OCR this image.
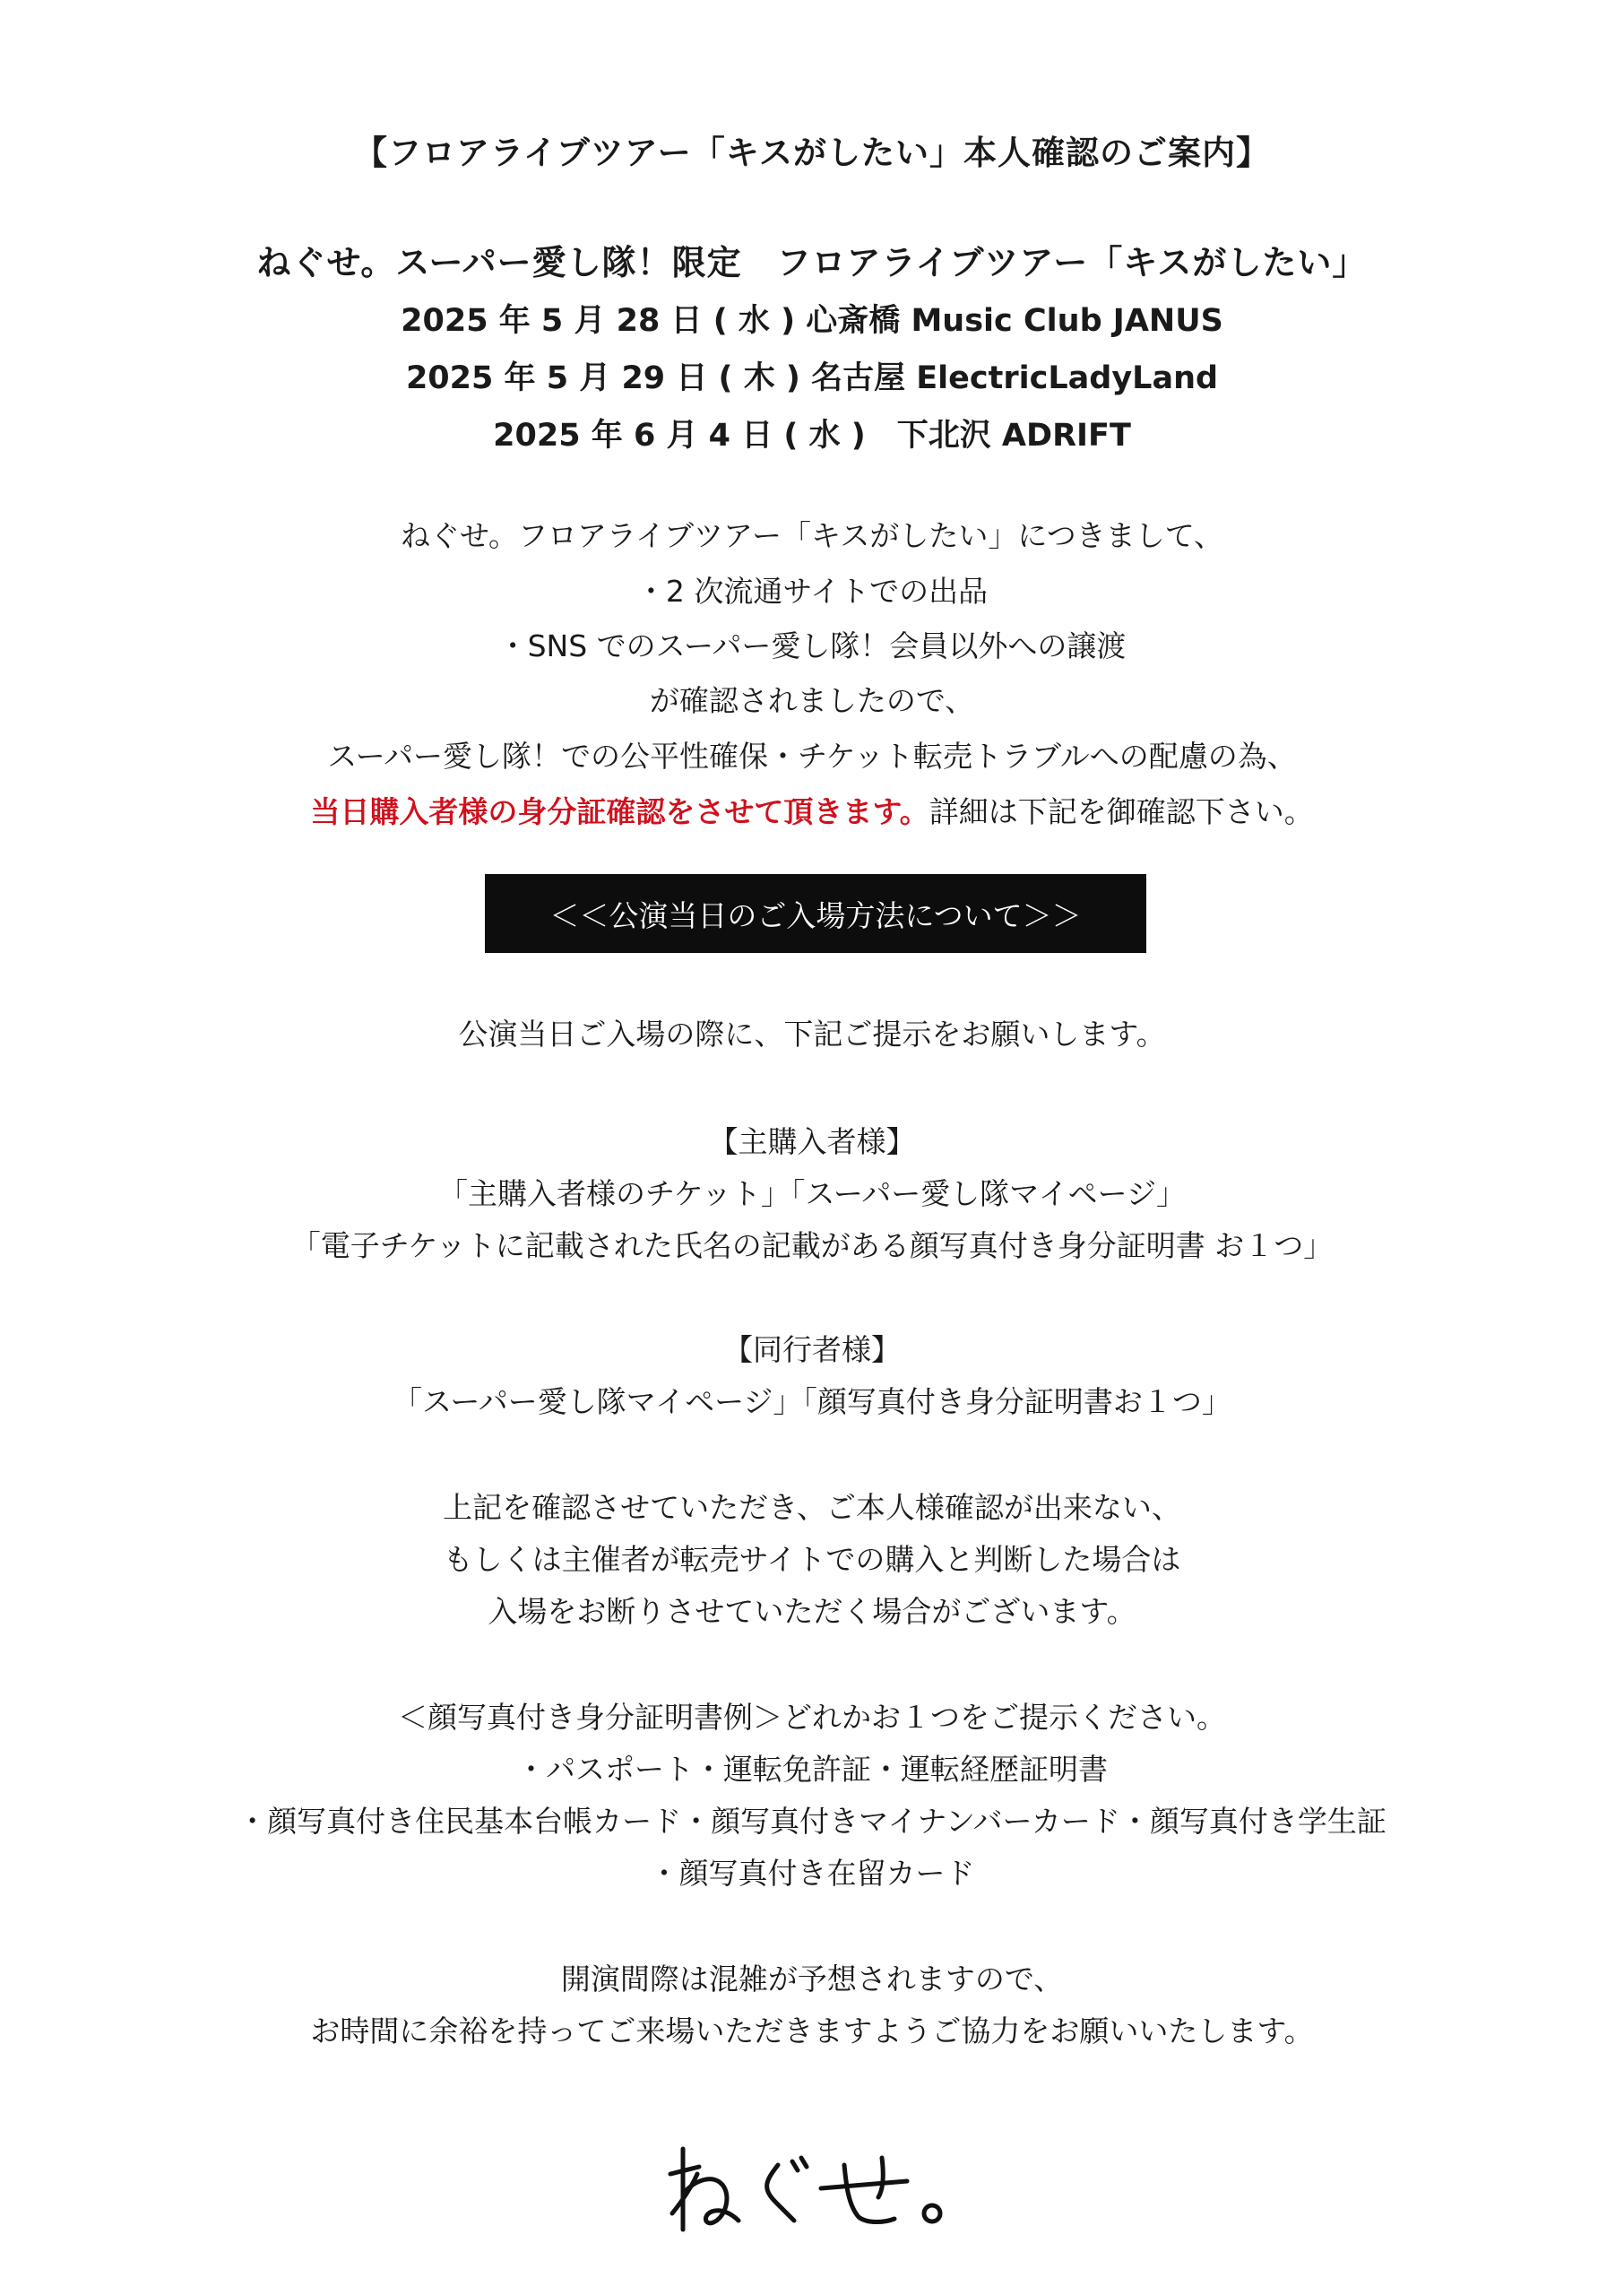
【フロアライブツアー「キスがしたい」本人確認のご案内】
ねぐせ。スーパー愛し隊！限定　フロアライブツアー「キスがしたい」
2025 年 5 月 28 日 ( 水 ) 心斎橋 Music Club JANUS
2025 年 5 月 29 日 ( 木 ) 名古屋 ElectricLadyLand
2025 年 6 月 4 日 ( 水 )　下北沢 ADRIFT
ねぐせ。フロアライブツアー「キスがしたい」につきまして、
・2 次流通サイトでの出品
・SNS でのスーパー愛し隊！会員以外への譲渡
が確認されましたので、
スーパー愛し隊！での公平性確保・チケット転売トラブルへの配慮の為、
当日購入者様の身分証確認をさせて頂きます。詳細は下記を御確認下さい。
＜＜公演当日のご入場方法について＞＞
公演当日ご入場の際に、下記ご提示をお願いします。
【主購入者様】
「主購入者様のチケット」「スーパー愛し隊マイページ」
「電子チケットに記載された氏名の記載がある顔写真付き身分証明書 お１つ」
【同行者様】
「スーパー愛し隊マイページ」「顔写真付き身分証明書お１つ」
上記を確認させていただき、ご本人様確認が出来ない、
もしくは主催者が転売サイトでの購入と判断した場合は
入場をお断りさせていただく場合がございます。
＜顔写真付き身分証明書例＞どれかお１つをご提示ください。
・パスポート・運転免許証・運転経歴証明書
・顔写真付き住民基本台帳カード・顔写真付きマイナンバーカード・顔写真付き学生証
・顔写真付き在留カード
開演間際は混雑が予想されますので、
お時間に余裕を持ってご来場いただきますようご協力をお願いいたします。
